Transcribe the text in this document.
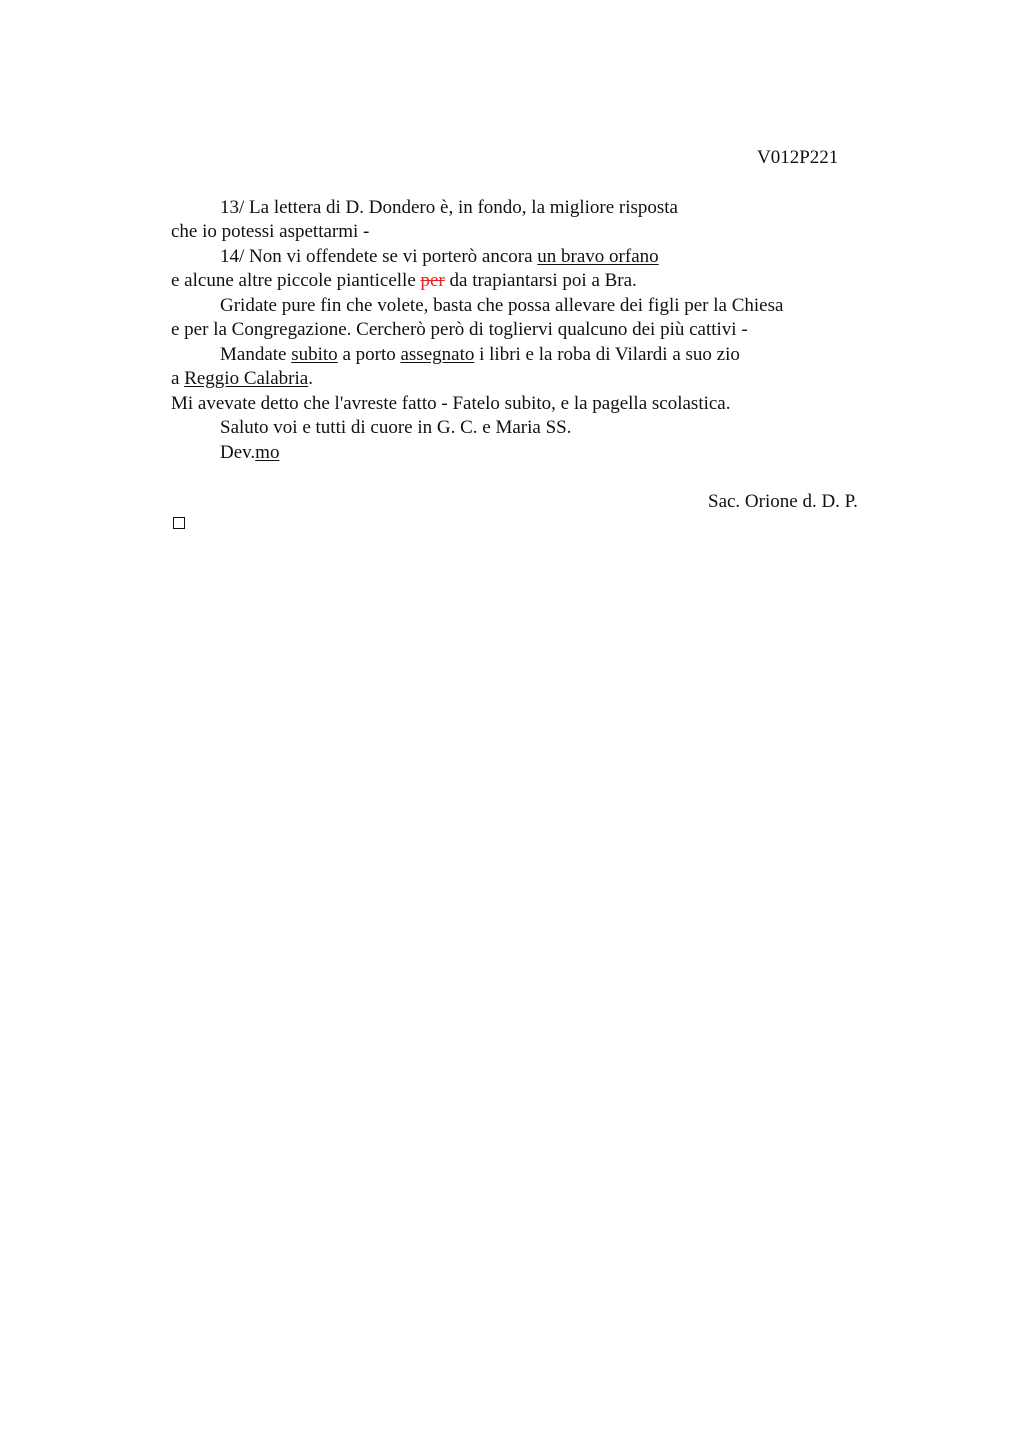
V012P221
13/ La lettera di D. Dondero è, in fondo, la migliore risposta
che io potessi aspettarmi -
14/ Non vi offendete se vi porterò ancora un bravo orfano
e alcune altre piccole pianticelle per da trapiantarsi poi a Bra.
Gridate pure fin che volete, basta che possa allevare dei figli per la Chiesa
e per la Congregazione. Cercherò però di togliervi qualcuno dei più cattivi -
Mandate subito a porto assegnato i libri e la roba di Vilardi a suo zio
a Reggio Calabria.
Mi avevate detto che l'avreste fatto - Fatelo subito, e la pagella scolastica.
Saluto voi e tutti di cuore in G. C. e Maria SS.
Dev.mo
Sac. Orione d. D. P.
